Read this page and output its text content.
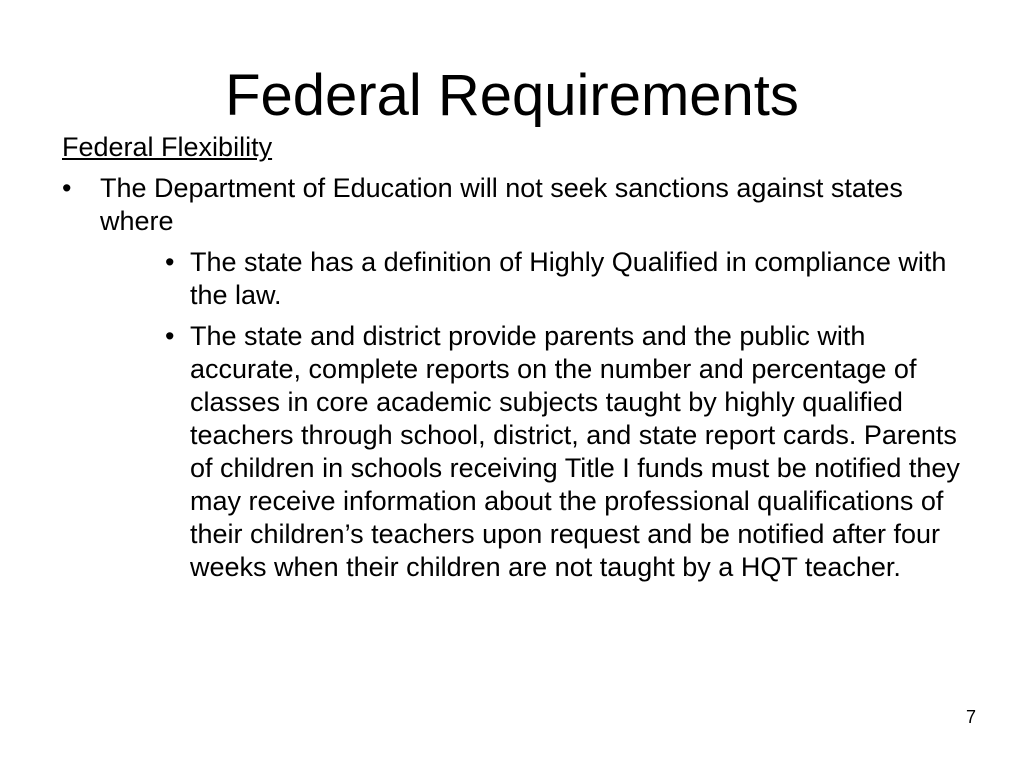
Federal Requirements

Federal Flexibility

• The Department of Education will not seek sanctions against states where
• The state has a definition of Highly Qualified in compliance with the law.
• The state and district provide parents and the public with accurate, complete reports on the number and percentage of classes in core academic subjects taught by highly qualified teachers through school, district, and state report cards. Parents of children in schools receiving Title I funds must be notified they may receive information about the professional qualifications of their children’s teachers upon request and be notified after four weeks when their children are not taught by a HQT teacher.
7
